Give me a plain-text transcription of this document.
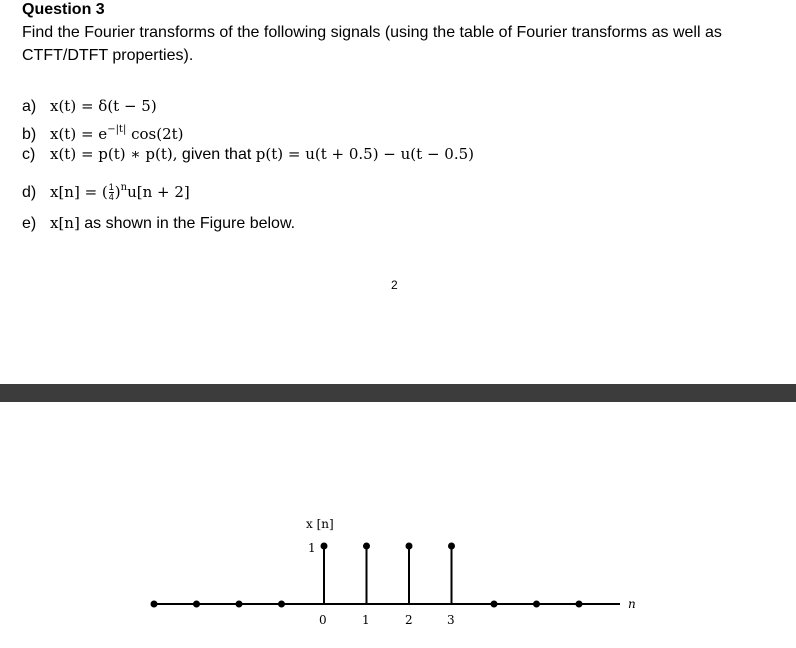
Question 3
Find the Fourier transforms of the following signals (using the table of Fourier transforms as well as CTFT/DTFT properties).
a) x(t) = δ(t − 5)
b) $x(t) = e^{-|t|}$ cos(2t)
c) x(t) = p(t) ∗ p(t), given that p(t) = u(t + 0.5) − u(t − 0.5)
d) x[n] = ( $\frac{1}{4} )^nu[n + 2]$
e) x[n] as shown in the Figure below.
2
x [n]
1
n
0	1	2	3
